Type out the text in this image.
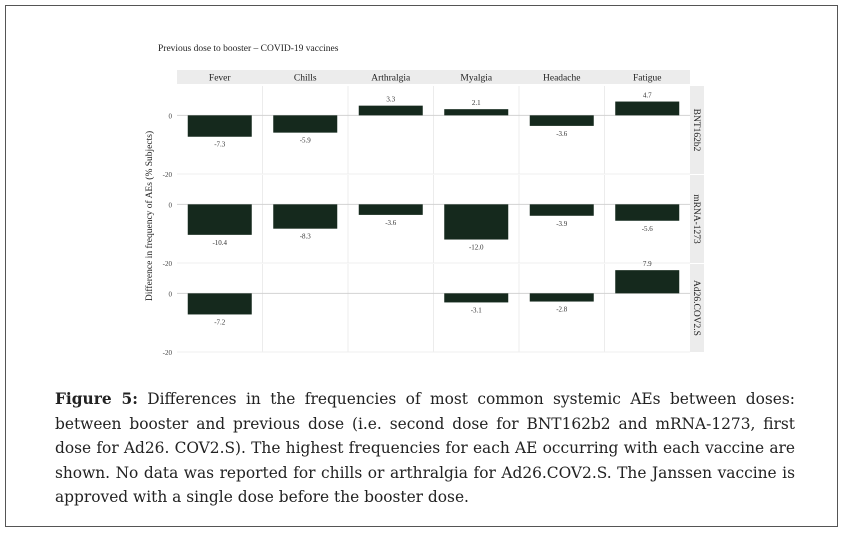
Previous dose to booster – COVID-19 vaccines
Difference in frequency of AEs (% Subjects)
Fever	Chills	Arthralgia	Myalgia	Headache	Fatigue
0
-20
-7.3
-5.9
3.3	2.1
-3.6
4.7
BNT162b2
0
-20
-10.4
-8.3
-3.6
-12.0
-3.9
-5.6	mRNA-1273
0
-20
-7.2
-3.1	-2.8
7.9
Ad26.COV2.S
Figure 5: Differences in the frequencies of most common systemic AEs between doses: between booster and previous dose (i.e. second dose for BNT162b2 and mRNA-1273, first dose for Ad26. COV2.S). The highest frequencies for each AE occurring with each vaccine are shown. No data was reported for chills or arthralgia for Ad26.COV2.S. The Janssen vaccine is approved with a single dose before the booster dose.
